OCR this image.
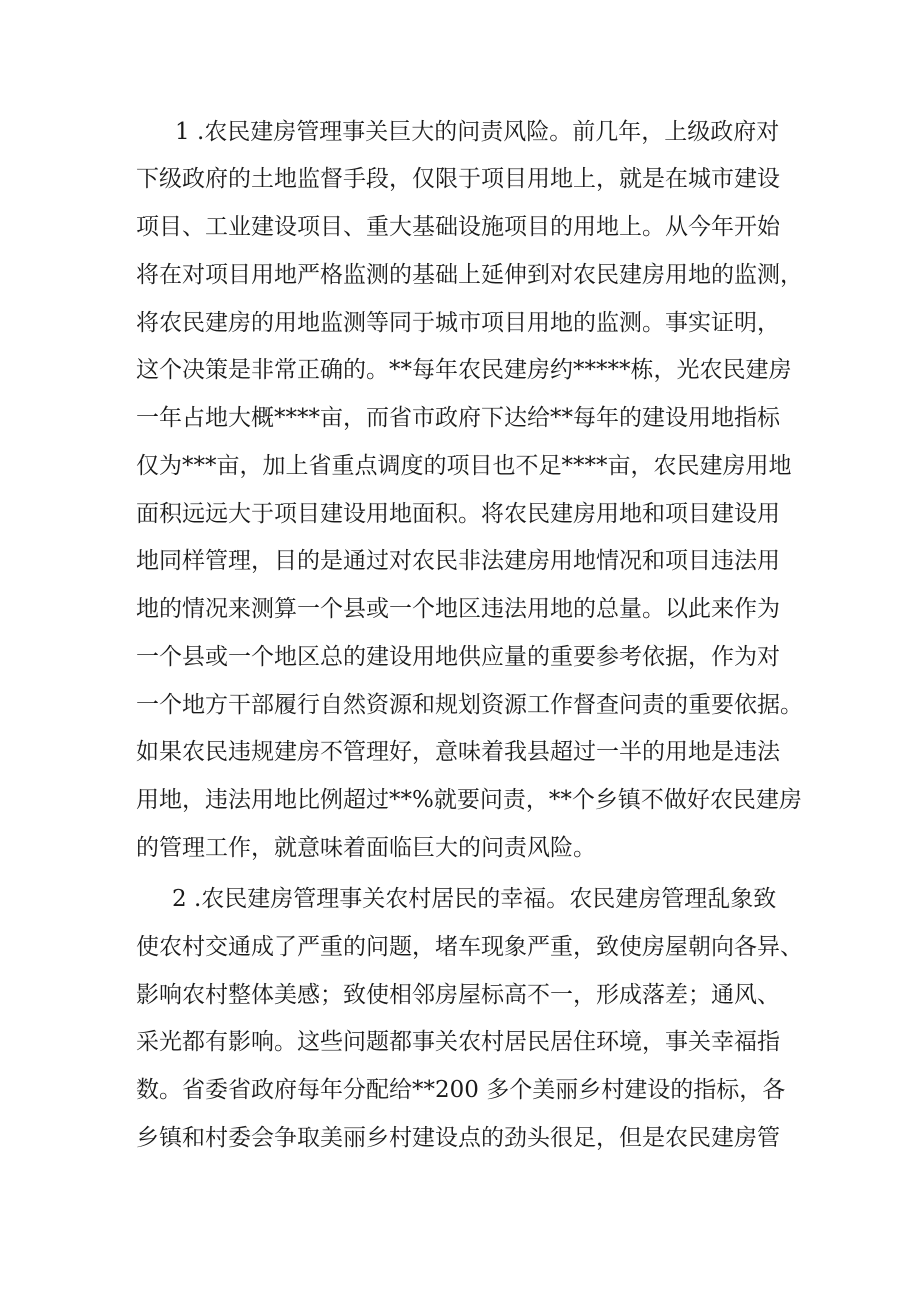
1 .农民建房管理事关巨大的问责风险。前几年，上级政府对
下级政府的土地监督手段，仅限于项目用地上，就是在城市建设
项目、工业建设项目、重大基础设施项目的用地上。从今年开始
将在对项目用地严格监测的基础上延伸到对农民建房用地的监测，
将农民建房的用地监测等同于城市项目用地的监测。事实证明，
这个决策是非常正确的。**每年农民建房约*****栋，光农民建房
一年占地大概****亩，而省市政府下达给**每年的建设用地指标
仅为***亩，加上省重点调度的项目也不足****亩，农民建房用地
面积远远大于项目建设用地面积。将农民建房用地和项目建设用
地同样管理，目的是通过对农民非法建房用地情况和项目违法用
地的情况来测算一个县或一个地区违法用地的总量。以此来作为
一个县或一个地区总的建设用地供应量的重要参考依据，作为对
一个地方干部履行自然资源和规划资源工作督查问责的重要依据。
如果农民违规建房不管理好，意味着我县超过一半的用地是违法
用地，违法用地比例超过**%就要问责，**个乡镇不做好农民建房
的管理工作，就意味着面临巨大的问责风险。
2 .农民建房管理事关农村居民的幸福。农民建房管理乱象致
使农村交通成了严重的问题，堵车现象严重，致使房屋朝向各异、
影响农村整体美感；致使相邻房屋标高不一，形成落差；通风、
采光都有影响。这些问题都事关农村居民居住环境，事关幸福指
数。省委省政府每年分配给**200 多个美丽乡村建设的指标，各
乡镇和村委会争取美丽乡村建设点的劲头很足，但是农民建房管
